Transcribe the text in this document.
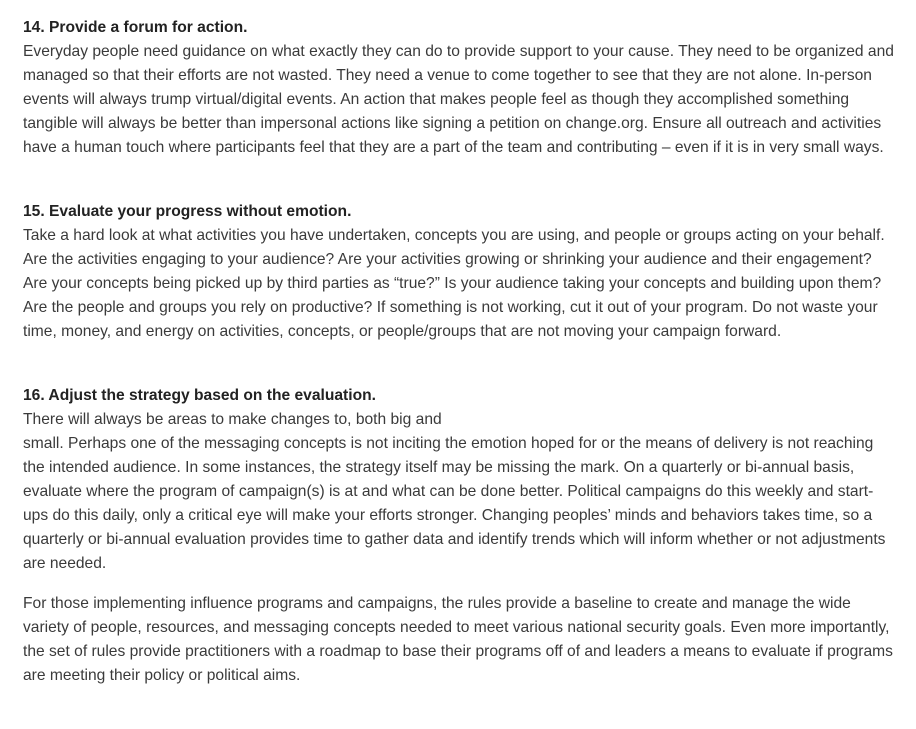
14. Provide a forum for action.
Everyday people need guidance on what exactly they can do to provide support to your cause. They need to be organized and managed so that their efforts are not wasted. They need a venue to come together to see that they are not alone. In-person events will always trump virtual/digital events. An action that makes people feel as though they accomplished something tangible will always be better than impersonal actions like signing a petition on change.org. Ensure all outreach and activities have a human touch where participants feel that they are a part of the team and contributing – even if it is in very small ways.
15. Evaluate your progress without emotion.
Take a hard look at what activities you have undertaken, concepts you are using, and people or groups acting on your behalf. Are the activities engaging to your audience? Are your activities growing or shrinking your audience and their engagement? Are your concepts being picked up by third parties as “true?” Is your audience taking your concepts and building upon them? Are the people and groups you rely on productive? If something is not working, cut it out of your program. Do not waste your time, money, and energy on activities, concepts, or people/groups that are not moving your campaign forward.
16. Adjust the strategy based on the evaluation.
There will always be areas to make changes to, both big and
small. Perhaps one of the messaging concepts is not inciting the emotion hoped for or the means of delivery is not reaching the intended audience. In some instances, the strategy itself may be missing the mark. On a quarterly or bi-annual basis, evaluate where the program of campaign(s) is at and what can be done better. Political campaigns do this weekly and start-ups do this daily, only a critical eye will make your efforts stronger. Changing peoples’ minds and behaviors takes time, so a quarterly or bi-annual evaluation provides time to gather data and identify trends which will inform whether or not adjustments are needed.
For those implementing influence programs and campaigns, the rules provide a baseline to create and manage the wide variety of people, resources, and messaging concepts needed to meet various national security goals. Even more importantly, the set of rules provide practitioners with a roadmap to base their programs off of and leaders a means to evaluate if programs are meeting their policy or political aims.
